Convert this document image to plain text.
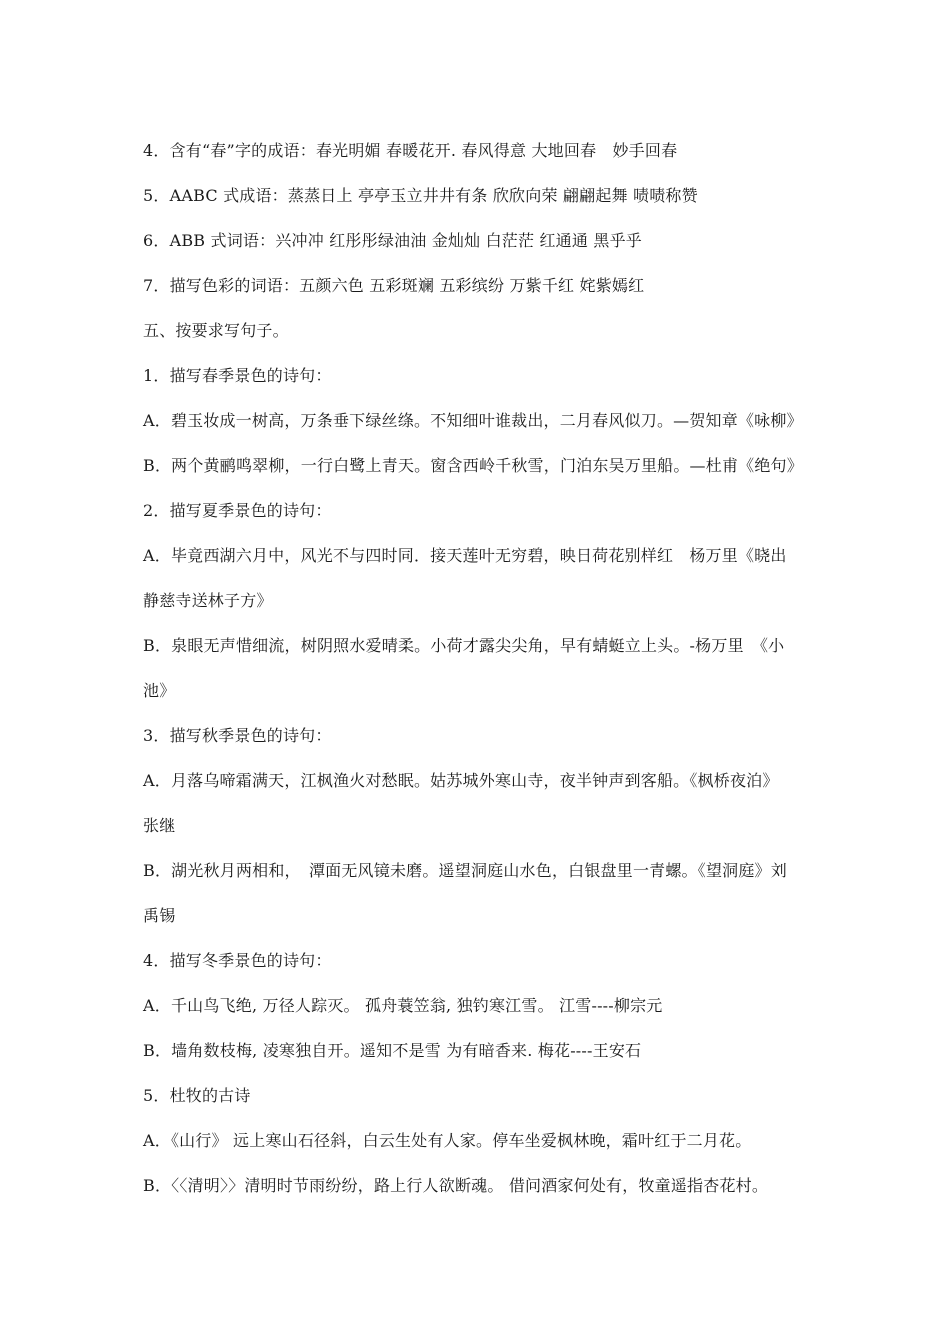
4．含有“春”字的成语：春光明媚 春暖花开. 春风得意 大地回春　妙手回春
5．AABC 式成语：蒸蒸日上 亭亭玉立井井有条 欣欣向荣 翩翩起舞 啧啧称赞
6．ABB 式词语：兴冲冲 红彤彤绿油油 金灿灿 白茫茫 红通通 黑乎乎
7．描写色彩的词语：五颜六色 五彩斑斓 五彩缤纷 万紫千红 姹紫嫣红
五、按要求写句子。
1．描写春季景色的诗句：
A．碧玉妆成一树高，万条垂下绿丝绦。不知细叶谁裁出，二月春风似刀。—贺知章《咏柳》
B．两个黄鹂鸣翠柳，一行白鹭上青天。窗含西岭千秋雪，门泊东吴万里船。—杜甫《绝句》
2．描写夏季景色的诗句：
A．毕竟西湖六月中，风光不与四时同．接天莲叶无穷碧，映日荷花别样红　杨万里《晓出
静慈寺送林子方》
B．泉眼无声惜细流，树阴照水爱晴柔。小荷才露尖尖角，早有蜻蜓立上头。-杨万里　《小
池》
3．描写秋季景色的诗句：
A．月落乌啼霜满天，江枫渔火对愁眠。姑苏城外寒山寺，夜半钟声到客船。《枫桥夜泊》
张继
B．湖光秋月两相和，　潭面无风镜未磨。遥望洞庭山水色，白银盘里一青螺。《望洞庭》刘
禹锡
4．描写冬季景色的诗句：
A．千山鸟飞绝, 万径人踪灭。 孤舟蓑笠翁, 独钓寒江雪。 江雪----柳宗元
B．墙角数枝梅, 凌寒独自开。遥知不是雪 为有暗香来. 梅花----王安石
5．杜牧的古诗
A．《山行》 远上寒山石径斜，白云生处有人家。停车坐爱枫林晚，霜叶红于二月花。
B．〈〈清明〉〉清明时节雨纷纷，路上行人欲断魂。 借问酒家何处有，牧童遥指杏花村。
